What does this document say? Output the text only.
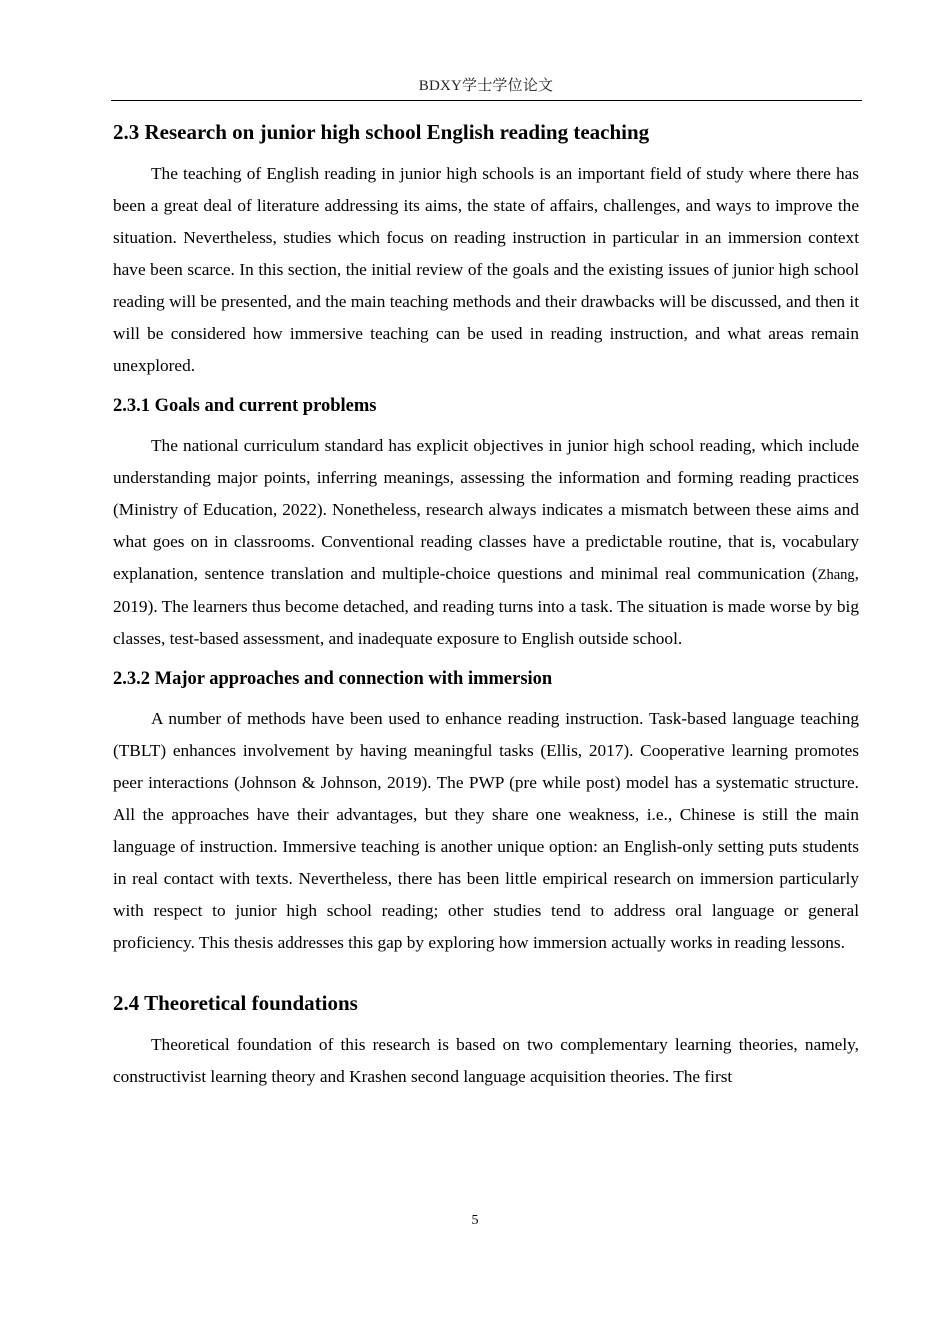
BDXY学士学位论文
2.3 Research on junior high school English reading teaching

The teaching of English reading in junior high schools is an important field of study where there has been a great deal of literature addressing its aims, the state of affairs, challenges, and ways to improve the situation. Nevertheless, studies which focus on reading instruction in particular in an immersion context have been scarce. In this section, the initial review of the goals and the existing issues of junior high school reading will be presented, and the main teaching methods and their drawbacks will be discussed, and then it will be considered how immersive teaching can be used in reading instruction, and what areas remain unexplored.

2.3.1 Goals and current problems

The national curriculum standard has explicit objectives in junior high school reading, which include understanding major points, inferring meanings, assessing the information and forming reading practices (Ministry of Education, 2022). Nonetheless, research always indicates a mismatch between these aims and what goes on in classrooms. Conventional reading classes have a predictable routine, that is, vocabulary explanation, sentence translation and multiple-choice questions and minimal real communication (Zhang, 2019). The learners thus become detached, and reading turns into a task. The situation is made worse by big classes, test-based assessment, and inadequate exposure to English outside school.

2.3.2 Major approaches and connection with immersion

A number of methods have been used to enhance reading instruction. Task-based language teaching (TBLT) enhances involvement by having meaningful tasks (Ellis, 2017). Cooperative learning promotes peer interactions (Johnson & Johnson, 2019). The PWP (pre while post) model has a systematic structure. All the approaches have their advantages, but they share one weakness, i.e., Chinese is still the main language of instruction. Immersive teaching is another unique option: an English-only setting puts students in real contact with texts. Nevertheless, there has been little empirical research on immersion particularly with respect to junior high school reading; other studies tend to address oral language or general proficiency. This thesis addresses this gap by exploring how immersion actually works in reading lessons.

2.4 Theoretical foundations

Theoretical foundation of this research is based on two complementary learning theories, namely, constructivist learning theory and Krashen second language acquisition theories. The first

5
